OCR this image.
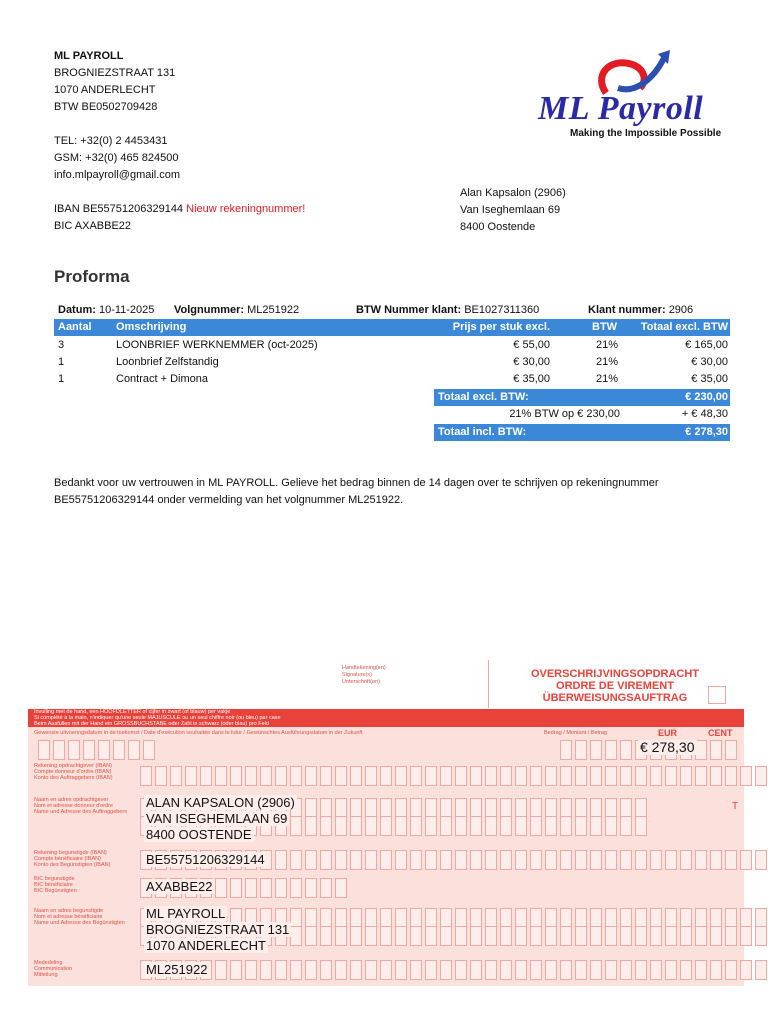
ML PAYROLL
BROGNIEZSTRAAT 131
1070 ANDERLECHT
BTW BE0502709428
TEL: +32(0) 2 4453431
GSM: +32(0) 465 824500
info.mlpayroll@gmail.com
IBAN BE55751206329144 Nieuw rekeningnummer!
BIC AXABBE22
ML Payroll
Making the Impossible Possible
Alan Kapsalon (2906)
Van Iseghemlaan 69
8400 Oostende
Proforma
Datum: 10-11-2025 Volgnummer: ML251922	BTW Nummer klant: BE1027311360	Klant nummer: 2906
Aantal Omschrijving	Prijs per stuk excl.	BTW	Totaal excl. BTW
3	LOONBRIEF WERKNEMMER (oct-2025)	€ 55,00	21%	€ 165,00
1	Loonbrief Zelfstandig	€ 30,00	21%	€ 30,00
1	Contract + Dimona	€ 35,00	21%	€ 35,00
Totaal excl. BTW:	€ 230,00
21% BTW op € 230,00	+ € 48,30
Totaal incl. BTW:	€ 278,30
Bedankt voor uw vertrouwen in ML PAYROLL. Gelieve het bedrag binnen de 14 dagen over te schrijven op rekeningnummer
BE55751206329144 onder vermelding van het volgnummer ML251922.
Handtekening(en)
Signature(s)
Unterschrift(en)
OVERSCHRIJVINGSOPDRACHT
ORDRE DE VIREMENT
ÜBERWEISUNGSAUFTRAG
Invulling met de hand, een HOOFDLETTER of cijfer in zwart (of blauw) per vakje
Si complété à la main, n'indiquer qu'une seule MAJUSCULE ou un seul chiffre noir (ou bleu) par case
Beim Ausfüllen mit der Hand ein GROSSBUCHSTABE oder Zahl in schwarz (oder blau) pro Feld
Gewenste uitvoeringsdatum in de toekomst / Date d'exécution souhaitée dans le futur / Gewünschtes Ausführungsdatum in der Zukunft	Bedrag / Montant / Betrag	EUR	CENT
€ 278,30
Rekening opdrachtgever (IBAN)
Compte donneur d'ordre (IBAN)
Konto des Auftraggebers (IBAN)
Naam en adres opdrachtgever
Nom et adresse donneur d'ordre
Name und Adresse des Auftraggebers
ALAN KAPSALON (2906)
VAN ISEGHEMLAAN 69
8400 OOSTENDE
T
Rekening begunstigde (IBAN)
Compte bénéficiaire (IBAN)
Konto des Begünstigten (IBAN)	BE55751206329144
BIC begunstigde
BIC bénéficiaire
BIC Begünstigten	AXABBE22
Naam en adres begunstigde
Nom et adresse bénéficiaire
Name und Adresse des Begünstigten
ML PAYROLL
BROGNIEZSTRAAT 131
1070 ANDERLECHT
Mededeling
Communication
Mitteilung	ML251922
